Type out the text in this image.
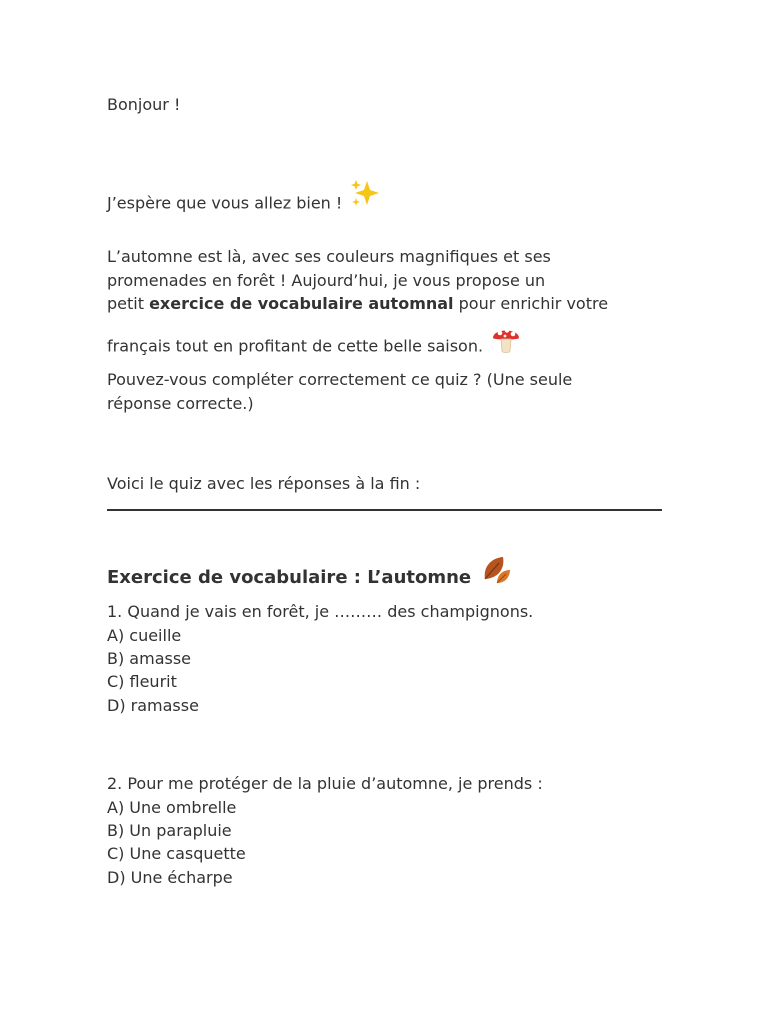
Bonjour !
J’espère que vous allez bien !
L’automne est là, avec ses couleurs magnifiques et ses
promenades en forêt ! Aujourd’hui, je vous propose un
petit exercice de vocabulaire automnal pour enrichir votre
français tout en profitant de cette belle saison.
Pouvez-vous compléter correctement ce quiz ? (Une seule
réponse correcte.)
Voici le quiz avec les réponses à la fin :
Exercice de vocabulaire : L’automne
1. Quand je vais en forêt, je ……… des champignons.
A) cueille
B) amasse
C) fleurit
D) ramasse
2. Pour me protéger de la pluie d’automne, je prends :
A) Une ombrelle
B) Un parapluie
C) Une casquette
D) Une écharpe
